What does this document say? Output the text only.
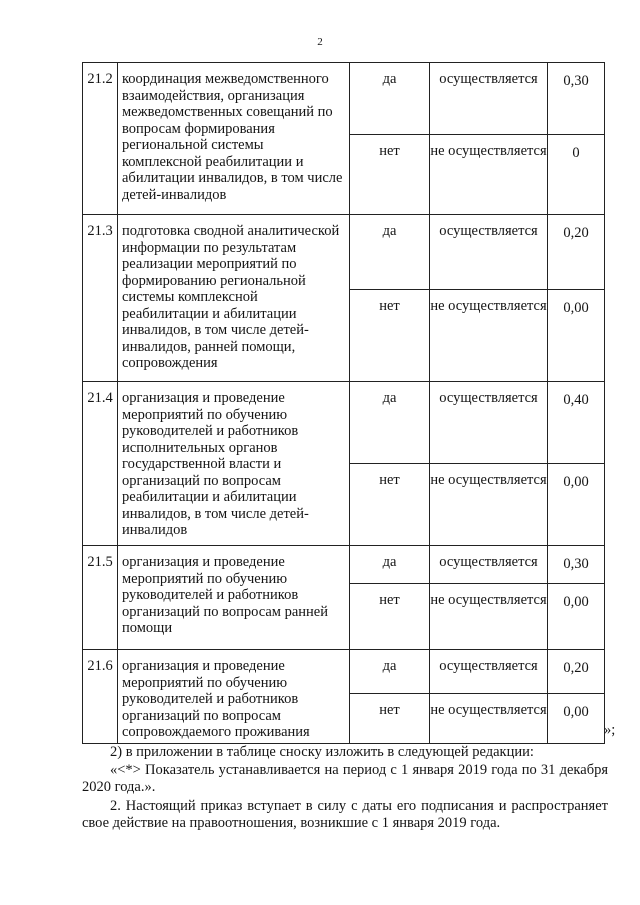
2
21.2	координация межведомственного взаимодействия, организация межведомственных совещаний по вопросам формирования региональной системы комплексной реабилитации и абилитации инвалидов, в том числе детей-инвалидов	да	осуществляется	0,30
		нет	не осуществляется	0
21.3	подготовка сводной аналитической информации по результатам реализации мероприятий по формированию региональной системы комплексной реабилитации и абилитации инвалидов, в том числе детей-инвалидов, ранней помощи, сопровождения	да	осуществляется	0,20
		нет	не осуществляется	0,00
21.4	организация и проведение мероприятий по обучению руководителей и работников исполнительных органов государственной власти и организаций по вопросам реабилитации и абилитации инвалидов, в том числе детей-инвалидов	да	осуществляется	0,40
		нет	не осуществляется	0,00
21.5	организация и проведение мероприятий по обучению руководителей и работников организаций по вопросам ранней помощи	да	осуществляется	0,30
		нет	не осуществляется	0,00
21.6	организация и проведение мероприятий по обучению руководителей и работников организаций по вопросам сопровождаемого проживания	да	осуществляется	0,20
		нет	не осуществляется	0,00
»;
2) в приложении в таблице сноску изложить в следующей редакции:
«<*> Показатель устанавливается на период с 1 января 2019 года по 31 декабря 2020 года.».
2. Настоящий приказ вступает в силу с даты его подписания и распространяет свое действие на правоотношения, возникшие с 1 января 2019 года.
